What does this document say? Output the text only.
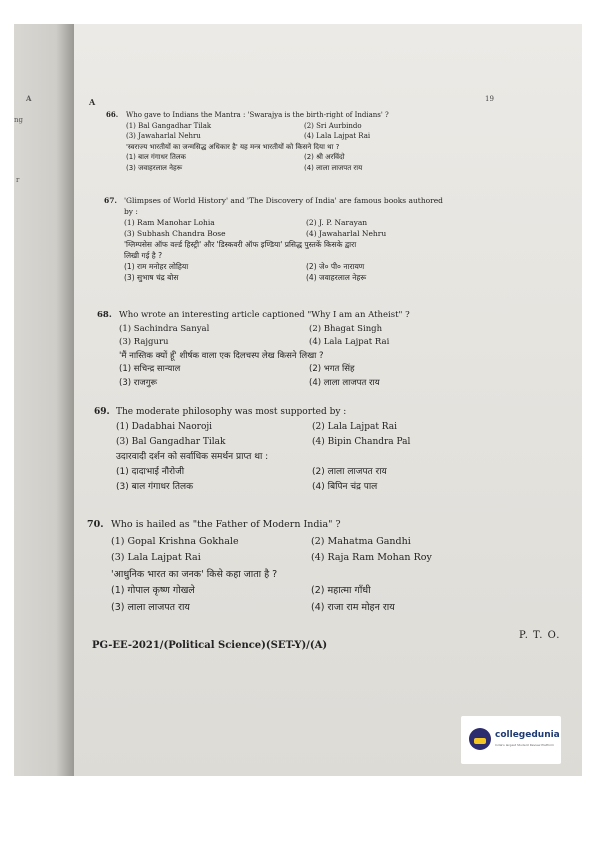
A
ng
r
A	19
66. Who gave to Indians the Mantra : 'Swarajya is the birth-right of Indians' ?
(1) Bal Gangadhar Tilak	(2) Sri Aurbindo
(3) Jawaharlal Nehru	(4) Lala Lajpat Rai
'स्वराज्य भारतीयों का जन्मसिद्ध अधिकार है' यह मन्त्र भारतीयों को किसने दिया था ?
(1) बाल गंगाधर तिलक	(2) श्री अरविंदो
(3) जवाहरलाल नेहरू	(4) लाला लाजपत राय
67. 'Glimpses of World History' and 'The Discovery of India' are famous books authored
by :
(1) Ram Manohar Lohia	(2) J. P. Narayan
(3) Subhash Chandra Bose	(4) Jawaharlal Nehru
'ग्लिम्पसेस ऑफ वर्ल्ड हिस्ट्री' और 'डिस्कवरी ऑफ इण्डिया' प्रसिद्ध पुस्तकें किसके द्वारा
लिखी गई है ?
(1) राम मनोहर लोहिया	(2) जे० पी० नारायण
(3) सुभाष चंद्र बोस	(4) जवाहरलाल नेहरू
68. Who wrote an interesting article captioned "Why I am an Atheist" ?
(1) Sachindra Sanyal	(2) Bhagat Singh
(3) Rajguru	(4) Lala Lajpat Rai
'मैं नास्तिक क्यों हूँ' शीर्षक वाला एक दिलचस्प लेख किसने लिखा ?
(1) सचिन्द्र सान्याल	(2) भगत सिंह
(3) राजगुरू	(4) लाला लाजपत राय
69. The moderate philosophy was most supported by :
(1) Dadabhai Naoroji	(2) Lala Lajpat Rai
(3) Bal Gangadhar Tilak	(4) Bipin Chandra Pal
उदारवादी दर्शन को सर्वाधिक समर्थन प्राप्त था :
(1) दादाभाई नौरोजी	(2) लाला लाजपत राय
(3) बाल गंगाधर तिलक	(4) बिपिन चंद्र पाल
70. Who is hailed as "the Father of Modern India" ?
(1) Gopal Krishna Gokhale	(2) Mahatma Gandhi
(3) Lala Lajpat Rai	(4) Raja Ram Mohan Roy
'आधुनिक भारत का जनक' किसे कहा जाता है ?
(1) गोपाल कृष्ण गोखले	(2) महात्मा गाँधी
(3) लाला लाजपत राय	(4) राजा राम मोहन राय
PG-EE-2021/(Political Science)(SET-Y)/(A)
P. T. O.
collegedunia
India's largest Student Review Platform
